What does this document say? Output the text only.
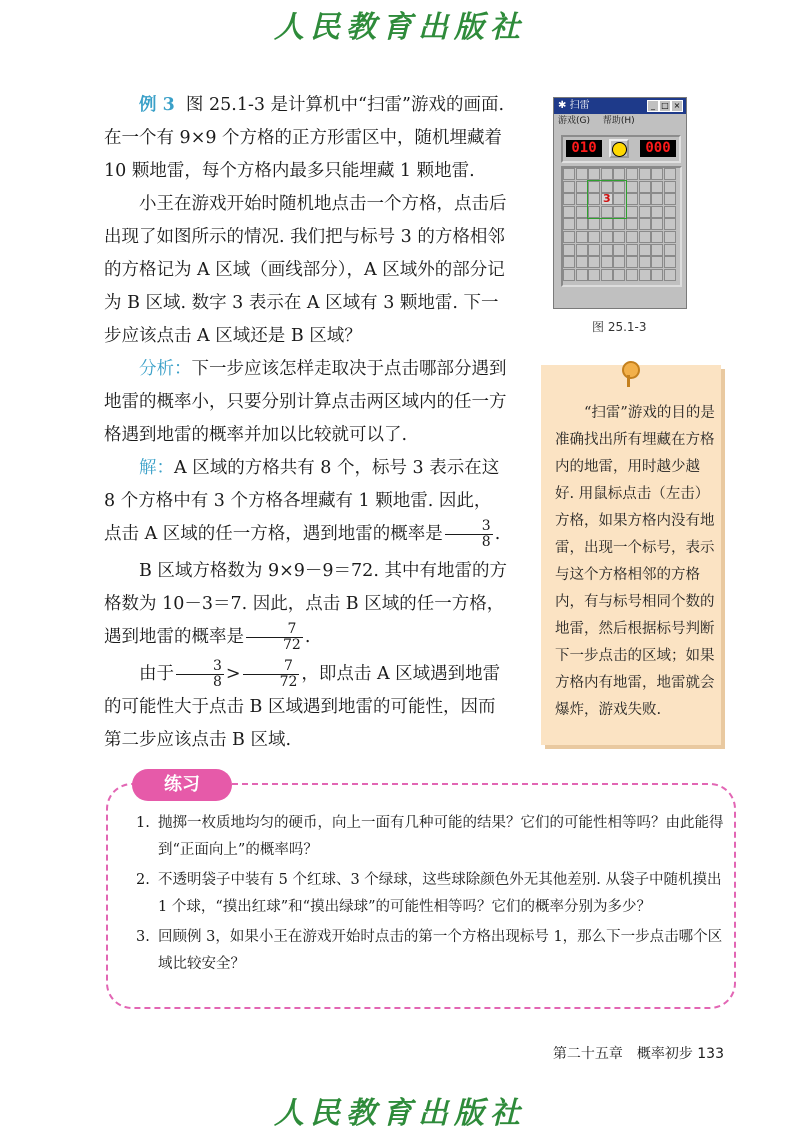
人民教育出版社
人民教育出版社

例 3 图 25.1-3 是计算机中“扫雷”游戏的画面. 在一个有 9×9 个方格的正方形雷区中，随机埋藏着 10 颗地雷，每个方格内最多只能埋藏 1 颗地雷.

小王在游戏开始时随机地点击一个方格，点击后出现了如图所示的情况. 我们把与标号 3 的方格相邻的方格记为 A 区域（画线部分），A 区域外的部分记为 B 区域. 数字 3 表示在 A 区域有 3 颗地雷. 下一步应该点击 A 区域还是 B 区域？

分析：下一步应该怎样走取决于点击哪部分遇到地雷的概率小，只要分别计算点击两区域内的任一方格遇到地雷的概率并加以比较就可以了.

解：A 区域的方格共有 8 个，标号 3 表示在这 8 个方格中有 3 个方格各埋藏有 1 颗地雷. 因此，点击 A 区域的任一方格，遇到地雷的概率是 $\frac{3}{8}$ .

B 区域方格数为 9×9－9＝72. 其中有地雷的方格数为 10－3＝7. 因此，点击 B 区域的任一方格，遇到地雷的概率是 $\frac{7}{72}$ .

由于 $\frac{3}{8} > \frac{7}{72}$ ，即点击 A 区域遇到地雷的可能性大于点击 B 区域遇到地雷的可能性，因而第二步应该点击 B 区域.

✱ 扫雷	_ □ ×
游戏(G) 帮助(H)
010	000
3
图 25.1-3

“扫雷”游戏的目的是准确找出所有埋藏在方格内的地雷，用时越少越好. 用鼠标点击（左击）方格，如果方格内没有地雷，出现一个标号，表示与这个方格相邻的方格内，有与标号相同个数的地雷，然后根据标号判断下一步点击的区域；如果方格内有地雷，地雷就会爆炸，游戏失败.

1. 抛掷一枚质地均匀的硬币，向上一面有几种可能的结果？它们的可能性相等吗？由此能得到“正面向上”的概率吗？
2. 不透明袋子中装有 5 个红球、3 个绿球，这些球除颜色外无其他差别. 从袋子中随机摸出 1 个球，“摸出红球”和“摸出绿球”的可能性相等吗？它们的概率分别为多少？
3. 回顾例 3，如果小王在游戏开始时点击的第一个方格出现标号 1，那么下一步点击哪个区域比较安全？
练习
第二十五章　概率初步 133
